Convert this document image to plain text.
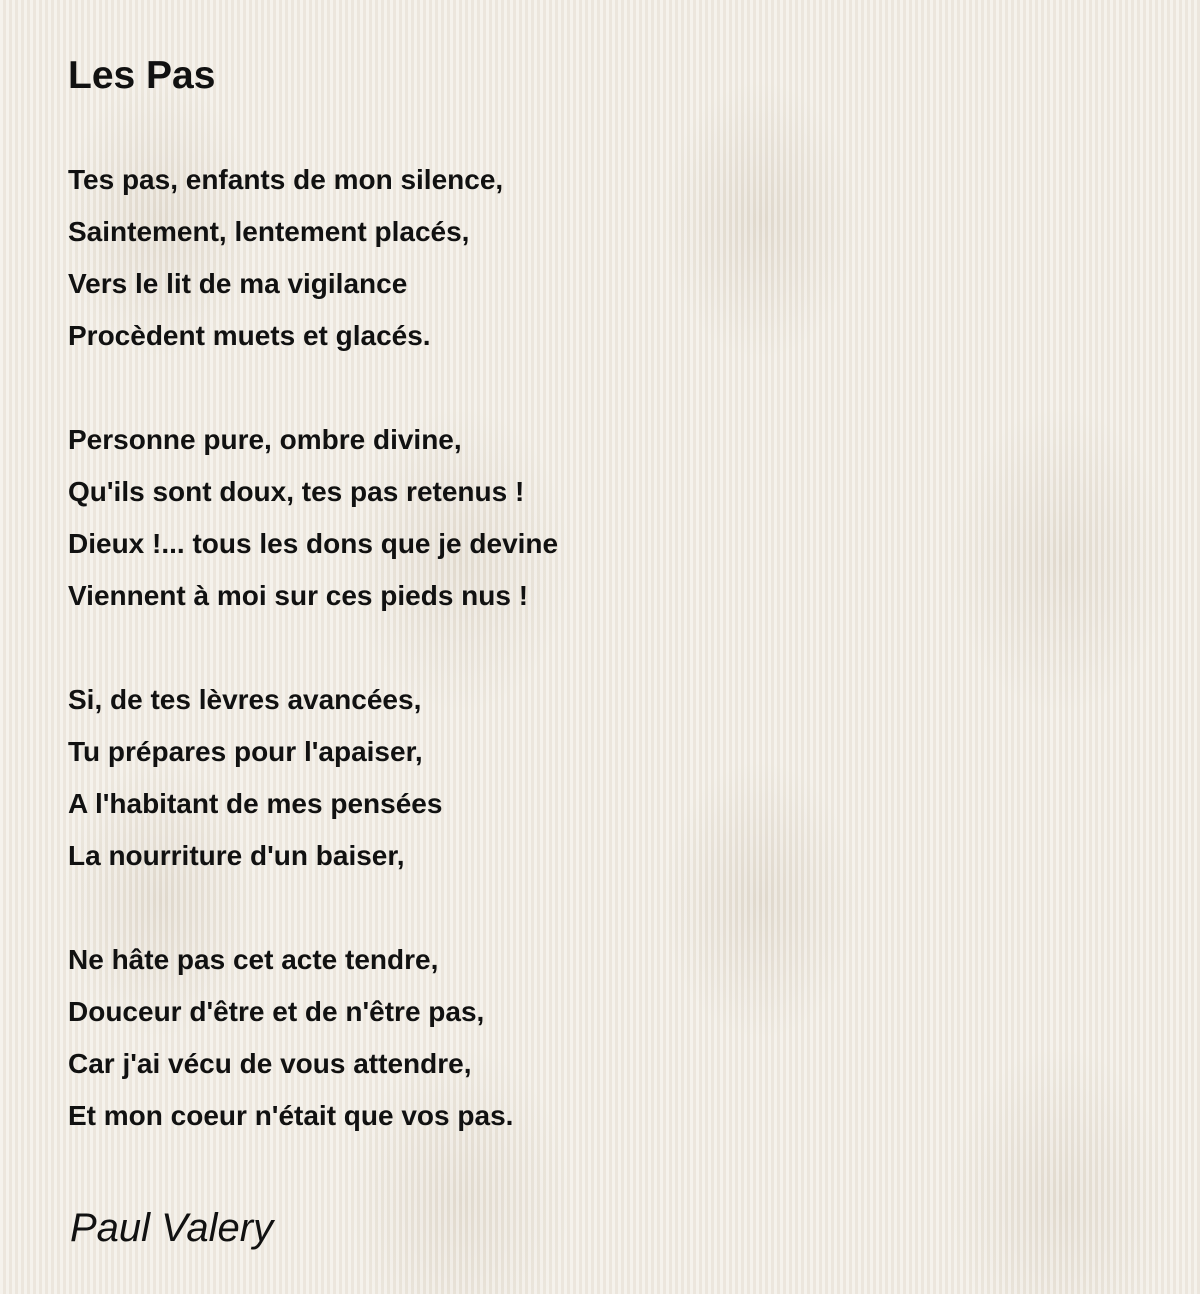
Les Pas
Tes pas, enfants de mon silence,
Saintement, lentement placés,
Vers le lit de ma vigilance
Procèdent muets et glacés.
Personne pure, ombre divine,
Qu'ils sont doux, tes pas retenus !
Dieux !... tous les dons que je devine
Viennent à moi sur ces pieds nus !
Si, de tes lèvres avancées,
Tu prépares pour l'apaiser,
A l'habitant de mes pensées
La nourriture d'un baiser,
Ne hâte pas cet acte tendre,
Douceur d'être et de n'être pas,
Car j'ai vécu de vous attendre,
Et mon coeur n'était que vos pas.
Paul Valery
